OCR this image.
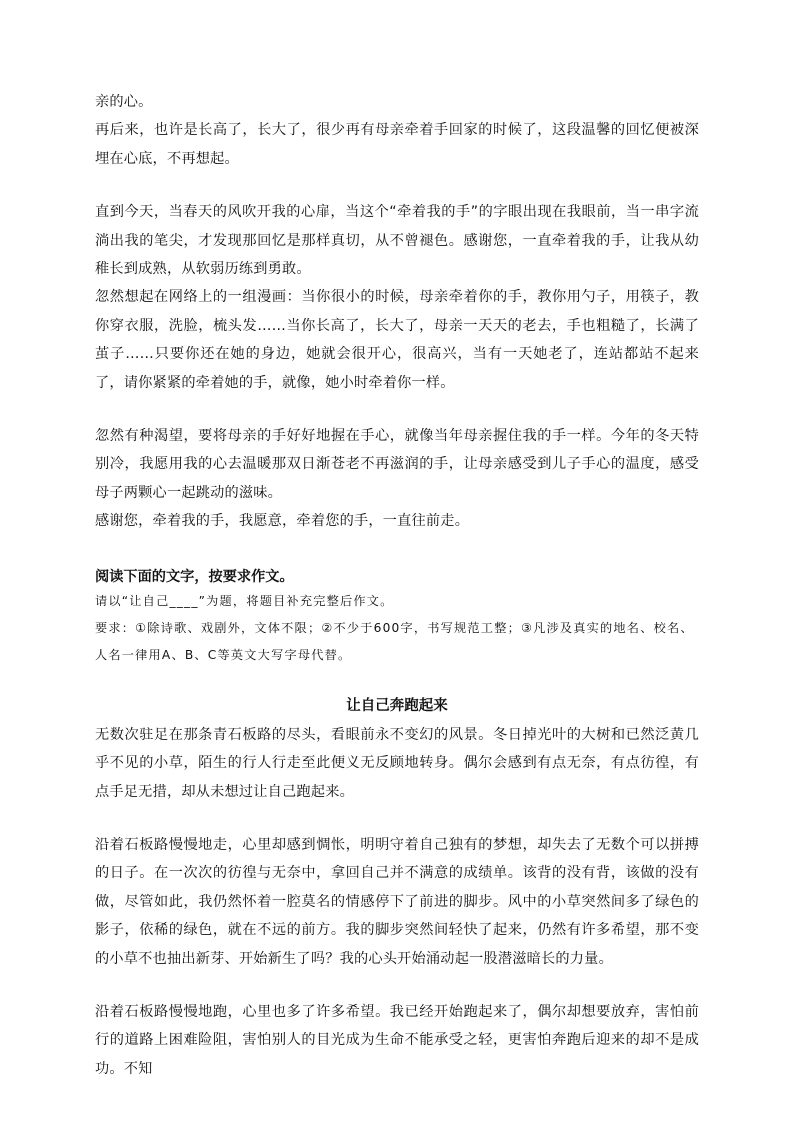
亲的心。

再后来，也许是长高了，长大了，很少再有母亲牵着手回家的时候了，这段温馨的回忆便被深埋在心底，不再想起。

直到今天，当春天的风吹开我的心扉，当这个“牵着我的手”的字眼出现在我眼前，当一串字流淌出我的笔尖，才发现那回忆是那样真切，从不曾褪色。感谢您，一直牵着我的手，让我从幼稚长到成熟，从软弱历练到勇敢。

忽然想起在网络上的一组漫画：当你很小的时候，母亲牵着你的手，教你用勺子，用筷子，教你穿衣服，洗脸，梳头发……当你长高了，长大了，母亲一天天的老去，手也粗糙了，长满了茧子……只要你还在她的身边，她就会很开心，很高兴，当有一天她老了，连站都站不起来了，请你紧紧的牵着她的手，就像，她小时牵着你一样。

忽然有种渴望，要将母亲的手好好地握在手心，就像当年母亲握住我的手一样。今年的冬天特别冷，我愿用我的心去温暖那双日渐苍老不再滋润的手，让母亲感受到儿子手心的温度，感受母子两颗心一起跳动的滋味。

感谢您，牵着我的手，我愿意，牵着您的手，一直往前走。

阅读下面的文字，按要求作文。

请以“让自己____”为题，将题目补充完整后作文。

要求：①除诗歌、戏剧外，文体不限；②不少于600字，书写规范工整；③凡涉及真实的地名、校名、人名一律用A、B、C等英文大写字母代替。

让自己奔跑起来

无数次驻足在那条青石板路的尽头，看眼前永不变幻的风景。冬日掉光叶的大树和已然泛黄几乎不见的小草，陌生的行人行走至此便义无反顾地转身。偶尔会感到有点无奈，有点彷徨，有点手足无措，却从未想过让自己跑起来。

沿着石板路慢慢地走，心里却感到惆怅，明明守着自己独有的梦想，却失去了无数个可以拼搏的日子。在一次次的彷徨与无奈中，拿回自己并不满意的成绩单。该背的没有背，该做的没有做，尽管如此，我仍然怀着一腔莫名的情感停下了前进的脚步。风中的小草突然间多了绿色的影子，依稀的绿色，就在不远的前方。我的脚步突然间轻快了起来，仍然有许多希望，那不变的小草不也抽出新芽、开始新生了吗？我的心头开始涌动起一股潜滋暗长的力量。

沿着石板路慢慢地跑，心里也多了许多希望。我已经开始跑起来了，偶尔却想要放弃，害怕前行的道路上困难险阻，害怕别人的目光成为生命不能承受之轻，更害怕奔跑后迎来的却不是成功。不知
